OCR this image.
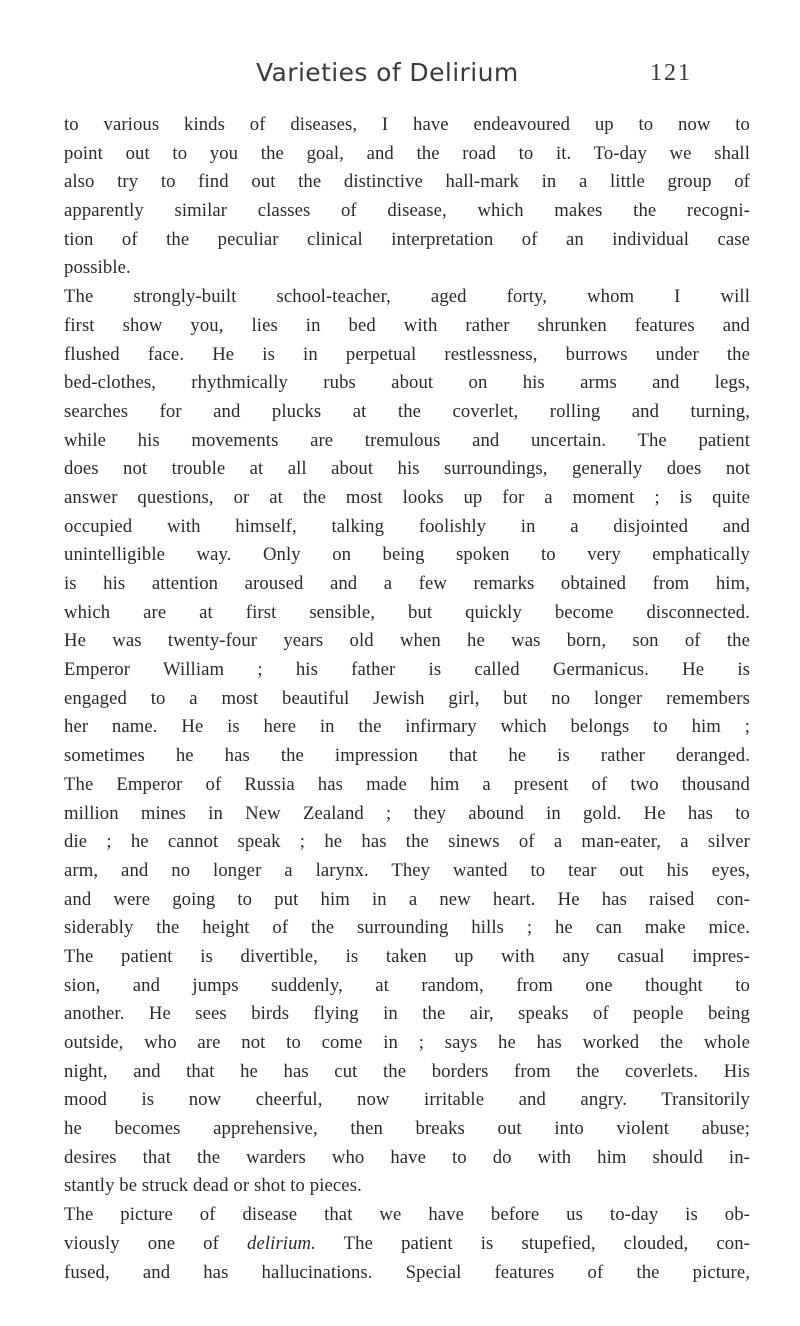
Varieties of Delirium	121
to various kinds of diseases, I have endeavoured up to now to
point out to you the goal, and the road to it. To-day we shall
also try to find out the distinctive hall-mark in a little group of
apparently similar classes of disease, which makes the recogni-
tion of the peculiar clinical interpretation of an individual case
possible.
The strongly-built school-teacher, aged forty, whom I will
first show you, lies in bed with rather shrunken features and
flushed face. He is in perpetual restlessness, burrows under the
bed-clothes, rhythmically rubs about on his arms and legs,
searches for and plucks at the coverlet, rolling and turning,
while his movements are tremulous and uncertain. The patient
does not trouble at all about his surroundings, generally does not
answer questions, or at the most looks up for a moment ; is quite
occupied with himself, talking foolishly in a disjointed and
unintelligible way. Only on being spoken to very emphatically
is his attention aroused and a few remarks obtained from him,
which are at first sensible, but quickly become disconnected.
He was twenty-four years old when he was born, son of the
Emperor William ; his father is called Germanicus. He is
engaged to a most beautiful Jewish girl, but no longer remembers
her name. He is here in the infirmary which belongs to him ;
sometimes he has the impression that he is rather deranged.
The Emperor of Russia has made him a present of two thousand
million mines in New Zealand ; they abound in gold. He has to
die ; he cannot speak ; he has the sinews of a man-eater, a silver
arm, and no longer a larynx. They wanted to tear out his eyes,
and were going to put him in a new heart. He has raised con-
siderably the height of the surrounding hills ; he can make mice.
The patient is divertible, is taken up with any casual impres-
sion, and jumps suddenly, at random, from one thought to
another. He sees birds flying in the air, speaks of people being
outside, who are not to come in ; says he has worked the whole
night, and that he has cut the borders from the coverlets. His
mood is now cheerful, now irritable and angry. Transitorily
he becomes apprehensive, then breaks out into violent abuse;
desires that the warders who have to do with him should in-
stantly be struck dead or shot to pieces.
The picture of disease that we have before us to-day is ob-
viously one of delirium. The patient is stupefied, clouded, con-
fused, and has hallucinations. Special features of the picture,
